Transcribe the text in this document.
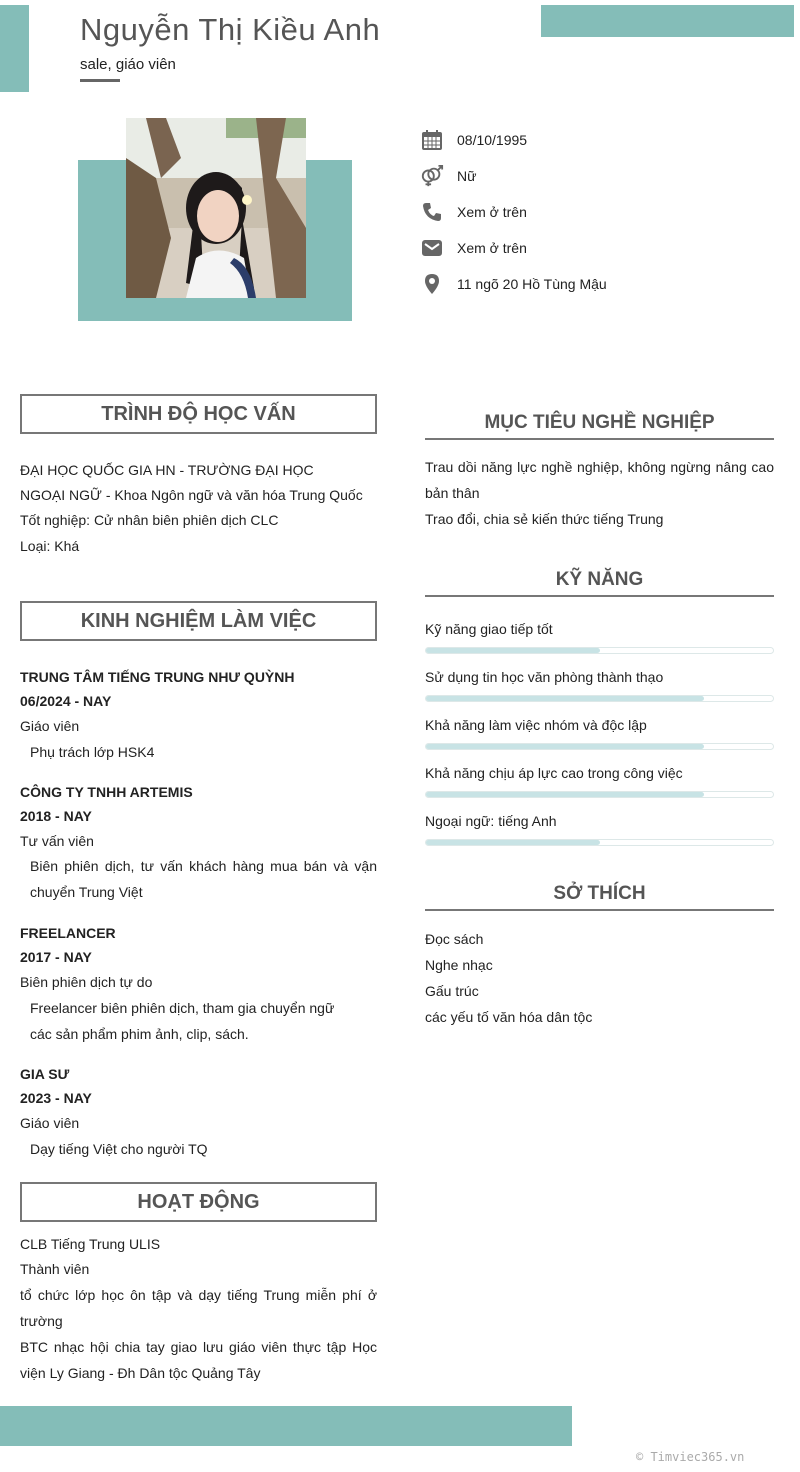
Nguyễn Thị Kiều Anh
sale, giáo viên
08/10/1995
Nữ
Xem ở trên
Xem ở trên
11 ngõ 20 Hồ Tùng Mậu
TRÌNH ĐỘ HỌC VẤN
ĐẠI HỌC QUỐC GIA HN - TRƯỜNG ĐẠI HỌC
NGOẠI NGỮ - Khoa Ngôn ngữ và văn hóa Trung Quốc
Tốt nghiệp: Cử nhân biên phiên dịch CLC
Loại: Khá
KINH NGHIỆM LÀM VIỆC
TRUNG TÂM TIẾNG TRUNG NHƯ QUỲNH
06/2024 - NAY
Giáo viên
Phụ trách lớp HSK4
CÔNG TY TNHH ARTEMIS
2018 - NAY
Tư vấn viên
Biên phiên dịch, tư vấn khách hàng mua bán và vận chuyển Trung Việt
FREELANCER
2017 - NAY
Biên phiên dịch tự do
Freelancer biên phiên dịch, tham gia chuyển ngữ
các sản phẩm phim ảnh, clip, sách.
GIA SƯ
2023 - NAY
Giáo viên
Dạy tiếng Việt cho người TQ
HOẠT ĐỘNG
CLB Tiếng Trung ULIS
Thành viên
tổ chức lớp học ôn tập và dạy tiếng Trung miễn phí ở trường
BTC nhạc hội chia tay giao lưu giáo viên thực tập Học viện Ly Giang - Đh Dân tộc Quảng Tây
MỤC TIÊU NGHỀ NGHIỆP
Trau dồi năng lực nghề nghiệp, không ngừng nâng cao bản thân
Trao đổi, chia sẻ kiến thức tiếng Trung
KỸ NĂNG
Kỹ năng giao tiếp tốt
Sử dụng tin học văn phòng thành thạo
Khả năng làm việc nhóm và độc lập
Khả năng chịu áp lực cao trong công việc
Ngoại ngữ: tiếng Anh
SỞ THÍCH
Đọc sách
Nghe nhạc
Gấu trúc
các yếu tố văn hóa dân tộc
© Timviec365.vn
